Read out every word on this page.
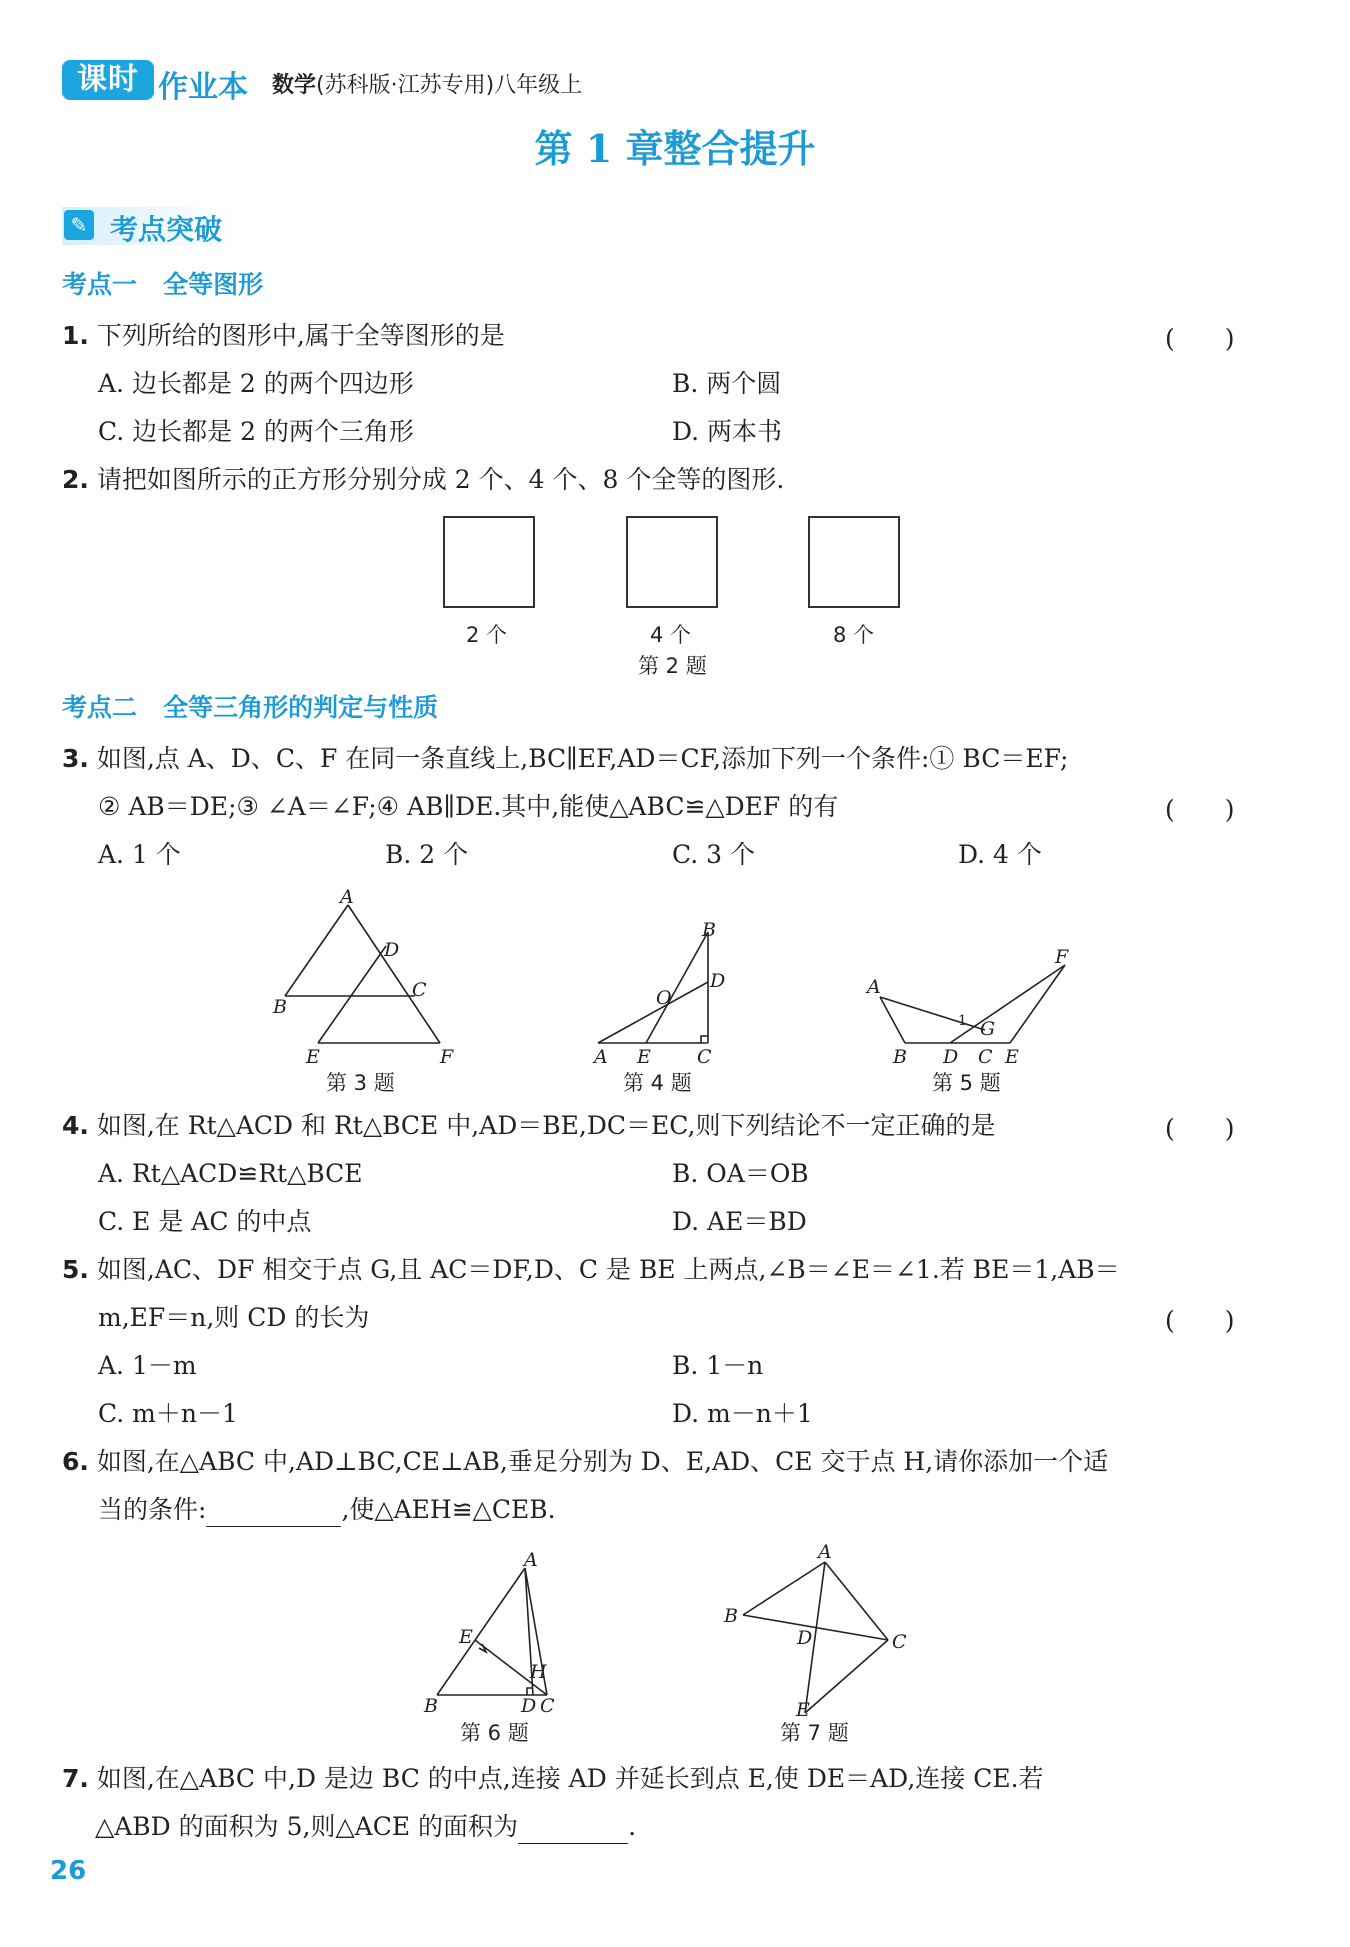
课时 作业本 数学(苏科版·江苏专用)八年级上
第 1 章整合提升
✎ 考点突破
考点一 全等图形
1. 下列所给的图形中,属于全等图形的是	(　　)
A. 边长都是 2 的两个四边形	B. 两个圆
C. 边长都是 2 的两个三角形	D. 两本书
2. 请把如图所示的正方形分别分成 2 个、4 个、8 个全等的图形.
2 个	4 个	8 个
第 2 题
考点二 全等三角形的判定与性质
3. 如图,点 A、D、C、F 在同一条直线上,BC∥EF,AD＝CF,添加下列一个条件:① BC＝EF;
② AB＝DE;③ ∠A＝∠F;④ AB∥DE.其中,能使△ABC≌△DEF 的有	(　　)
A. 1 个	B. 2 个	C. 3 个	D. 4 个
A
B
C
D
E	F
第 3 题
A
B
C
D
E
O
第 4 题
A
B D C E
F
G
1
第 5 题
A
B	C
D
E
H
第 6 题
A
B
C
D
E
第 7 题
4. 如图,在 Rt△ACD 和 Rt△BCE 中,AD＝BE,DC＝EC,则下列结论不一定正确的是	(　　)
A. Rt△ACD≌Rt△BCE	B. OA＝OB
C. E 是 AC 的中点	D. AE＝BD
5. 如图,AC、DF 相交于点 G,且 AC＝DF,D、C 是 BE 上两点,∠B＝∠E＝∠1.若 BE＝1,AB＝
m,EF＝n,则 CD 的长为	(　　)
A. 1－m	B. 1－n
C. m＋n－1	D. m－n＋1
6. 如图,在△ABC 中,AD⊥BC,CE⊥AB,垂足分别为 D、E,AD、CE 交于点 H,请你添加一个适
当的条件:	,使△AEH≌△CEB.
7. 如图,在△ABC 中,D 是边 BC 的中点,连接 AD 并延长到点 E,使 DE＝AD,连接 CE.若
△ABD 的面积为 5,则△ACE 的面积为	.
26
